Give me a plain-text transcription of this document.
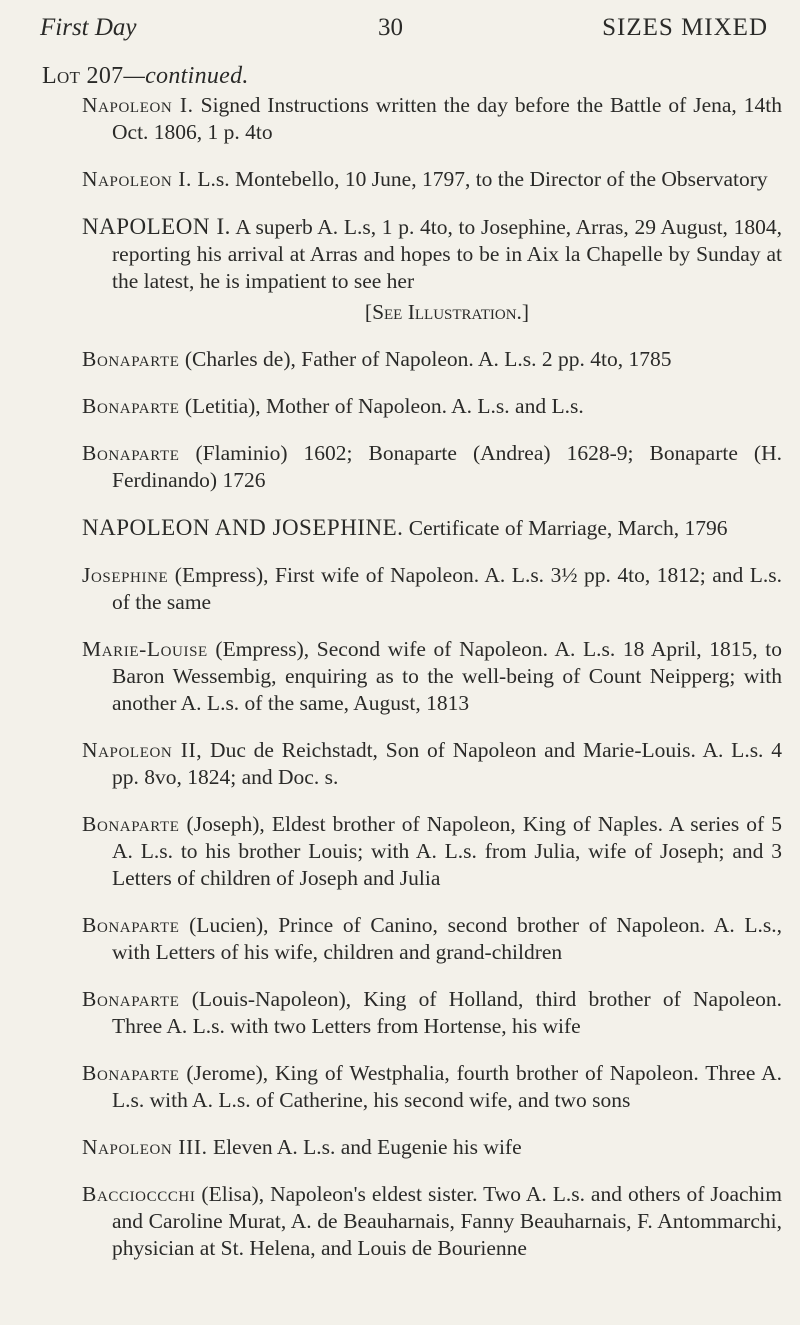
First Day	30	SIZES MIXED
Lot 207—continued.

Napoleon I. Signed Instructions written the day before the Battle of Jena, 14th Oct. 1806, 1 p. 4to

Napoleon I. L.s. Montebello, 10 June, 1797, to the Director of the Observatory

NAPOLEON I. A superb A. L.s, 1 p. 4to, to Josephine, Arras, 29 August, 1804, reporting his arrival at Arras and hopes to be in Aix la Chapelle by Sunday at the latest, he is impatient to see her

[See Illustration.]

Bonaparte (Charles de), Father of Napoleon. A. L.s. 2 pp. 4to, 1785

Bonaparte (Letitia), Mother of Napoleon. A. L.s. and L.s.

Bonaparte (Flaminio) 1602; Bonaparte (Andrea) 1628-9; Bonaparte (H. Ferdinando) 1726

NAPOLEON AND JOSEPHINE. Certificate of Marriage, March, 1796

Josephine (Empress), First wife of Napoleon. A. L.s. 3½ pp. 4to, 1812; and L.s. of the same

Marie-Louise (Empress), Second wife of Napoleon. A. L.s. 18 April, 1815, to Baron Wessembig, enquiring as to the well-being of Count Neipperg; with another A. L.s. of the same, August, 1813

Napoleon II, Duc de Reichstadt, Son of Napoleon and Marie-Louis. A. L.s. 4 pp. 8vo, 1824; and Doc. s.

Bonaparte (Joseph), Eldest brother of Napoleon, King of Naples. A series of 5 A. L.s. to his brother Louis; with A. L.s. from Julia, wife of Joseph; and 3 Letters of children of Joseph and Julia

Bonaparte (Lucien), Prince of Canino, second brother of Napoleon. A. L.s., with Letters of his wife, children and grand-children

Bonaparte (Louis-Napoleon), King of Holland, third brother of Napoleon. Three A. L.s. with two Letters from Hortense, his wife

Bonaparte (Jerome), King of Westphalia, fourth brother of Napoleon. Three A. L.s. with A. L.s. of Catherine, his second wife, and two sons

Napoleon III. Eleven A. L.s. and Eugenie his wife

Baccioccchi (Elisa), Napoleon's eldest sister. Two A. L.s. and others of Joachim and Caroline Murat, A. de Beauharnais, Fanny Beauharnais, F. Antommarchi, physician at St. Helena, and Louis de Bourienne
